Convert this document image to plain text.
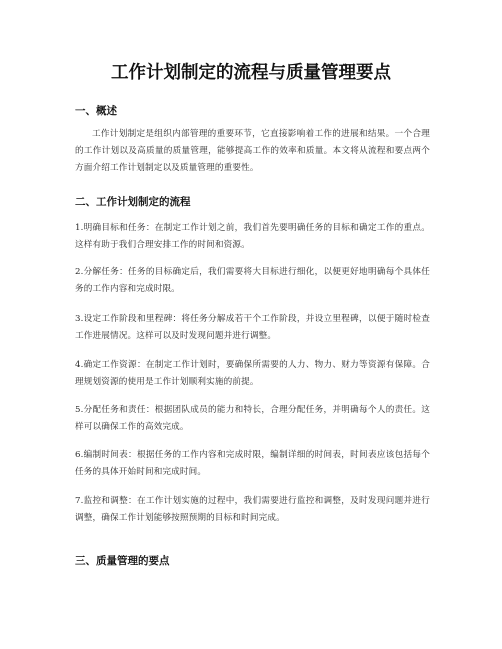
工作计划制定的流程与质量管理要点
一、概述

工作计划制定是组织内部管理的重要环节，它直接影响着工作的进展和结果。一个合理的工作计划以及高质量的质量管理，能够提高工作的效率和质量。本文将从流程和要点两个方面介绍工作计划制定以及质量管理的重要性。

二、工作计划制定的流程

1.明确目标和任务：在制定工作计划之前，我们首先要明确任务的目标和确定工作的重点。这样有助于我们合理安排工作的时间和资源。

2.分解任务：任务的目标确定后，我们需要将大目标进行细化，以便更好地明确每个具体任务的工作内容和完成时限。

3.设定工作阶段和里程碑：将任务分解成若干个工作阶段，并设立里程碑，以便于随时检查工作进展情况。这样可以及时发现问题并进行调整。

4.确定工作资源：在制定工作计划时，要确保所需要的人力、物力、财力等资源有保障。合理规划资源的使用是工作计划顺利实施的前提。

5.分配任务和责任：根据团队成员的能力和特长，合理分配任务，并明确每个人的责任。这样可以确保工作的高效完成。

6.编制时间表：根据任务的工作内容和完成时限，编制详细的时间表，时间表应该包括每个任务的具体开始时间和完成时间。

7.监控和调整：在工作计划实施的过程中，我们需要进行监控和调整，及时发现问题并进行调整，确保工作计划能够按照预期的目标和时间完成。

三、质量管理的要点
